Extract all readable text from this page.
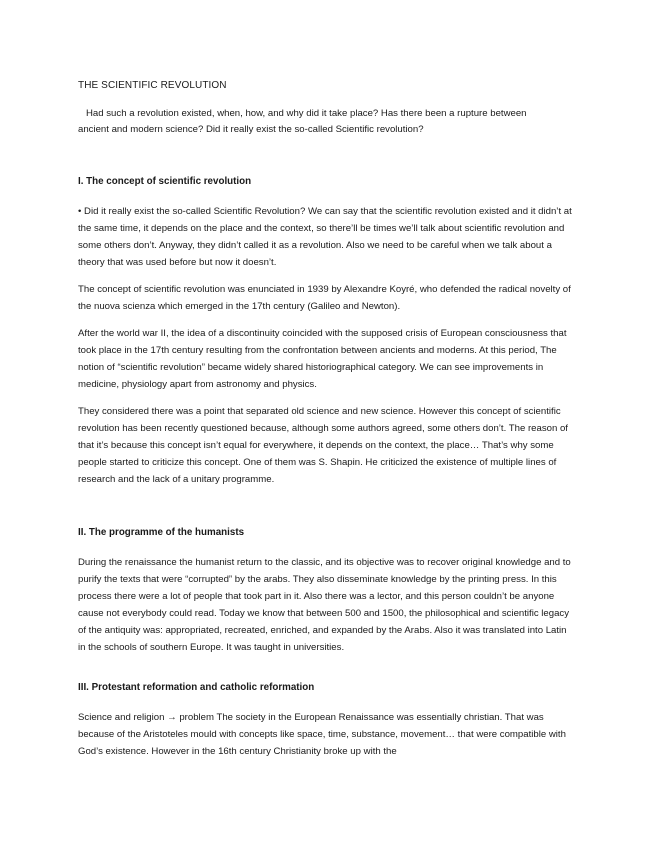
THE SCIENTIFIC REVOLUTION
Had such a revolution existed, when, how, and why did it take place? Has there been a rupture between ancient and modern science? Did it really exist the so-called Scientific revolution?
I. The concept of scientific revolution

• Did it really exist the so-called Scientific Revolution? We can say that the scientific revolution existed and it didn’t at the same time, it depends on the place and the context, so there’ll be times we’ll talk about scientific revolution and some others don’t. Anyway, they didn’t called it as a revolution. Also we need to be careful when we talk about a theory that was used before but now it doesn’t.

The concept of scientific revolution was enunciated in 1939 by Alexandre Koyré, who defended the radical novelty of the nuova scienza which emerged in the 17th century (Galileo and Newton).

After the world war II, the idea of a discontinuity coincided with the supposed crisis of European consciousness that took place in the 17th century resulting from the confrontation between ancients and moderns. At this period, The notion of “scientific revolution” became widely shared historiographical category. We can see improvements in medicine, physiology apart from astronomy and physics.

They considered there was a point that separated old science and new science. However this concept of scientific revolution has been recently questioned because, although some authors agreed, some others don’t. The reason of that it’s because this concept isn’t equal for everywhere, it depends on the context, the place… That’s why some people started to criticize this concept. One of them was S. Shapin. He criticized the existence of multiple lines of research and the lack of a unitary programme.

II. The programme of the humanists

During the renaissance the humanist return to the classic, and its objective was to recover original knowledge and to purify the texts that were “corrupted” by the arabs. They also disseminate knowledge by the printing press. In this process there were a lot of people that took part in it. Also there was a lector, and this person couldn’t be anyone cause not everybody could read. Today we know that between 500 and 1500, the philosophical and scientific legacy of the antiquity was: appropriated, recreated, enriched, and expanded by the Arabs. Also it was translated into Latin in the schools of southern Europe. It was taught in universities.

III. Protestant reformation and catholic reformation

Science and religion → problem The society in the European Renaissance was essentially christian. That was because of the Aristoteles mould with concepts like space, time, substance, movement… that were compatible with God’s existence. However in the 16th century Christianity broke up with the
